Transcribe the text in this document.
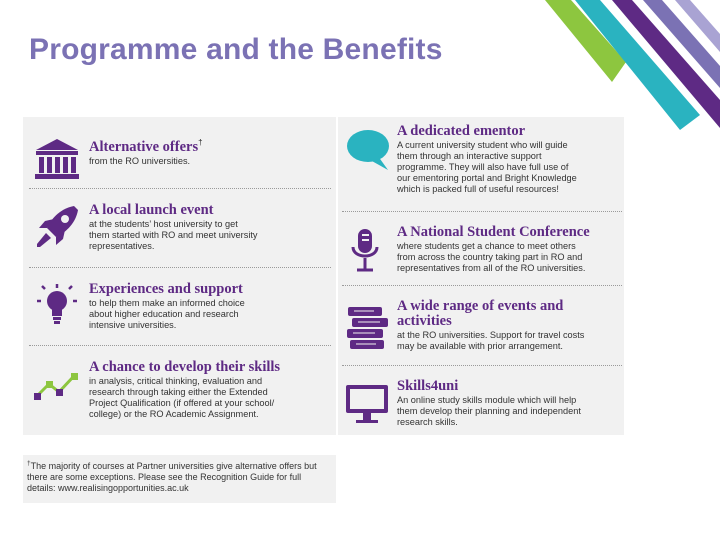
Programme and the Benefits
Alternative offers†
from the RO universities.
A local launch event
at the students’ host university to get
them started with RO and meet university
representatives.
Experiences and support
to help them make an informed choice
about higher education and research
intensive universities.
A chance to develop their skills
in analysis, critical thinking, evaluation and
research through taking either the Extended
Project Qualification (if offered at your school/
college) or the RO Academic Assignment.
A dedicated ementor
A current university student who will guide
them through an interactive support
programme. They will also have full use of
our ementoring portal and Bright Knowledge
which is packed full of useful resources!
A National Student Conference
where students get a chance to meet others
from across the country taking part in RO and
representatives from all of the RO universities.
A wide range of events and activities
at the RO universities. Support for travel costs
may be available with prior arrangement.
Skills4uni
An online study skills module which will help
them develop their planning and independent
research skills.
†The majority of courses at Partner universities give alternative offers but there are some exceptions. Please see the Recognition Guide for full details: www.realisingopportunities.ac.uk
